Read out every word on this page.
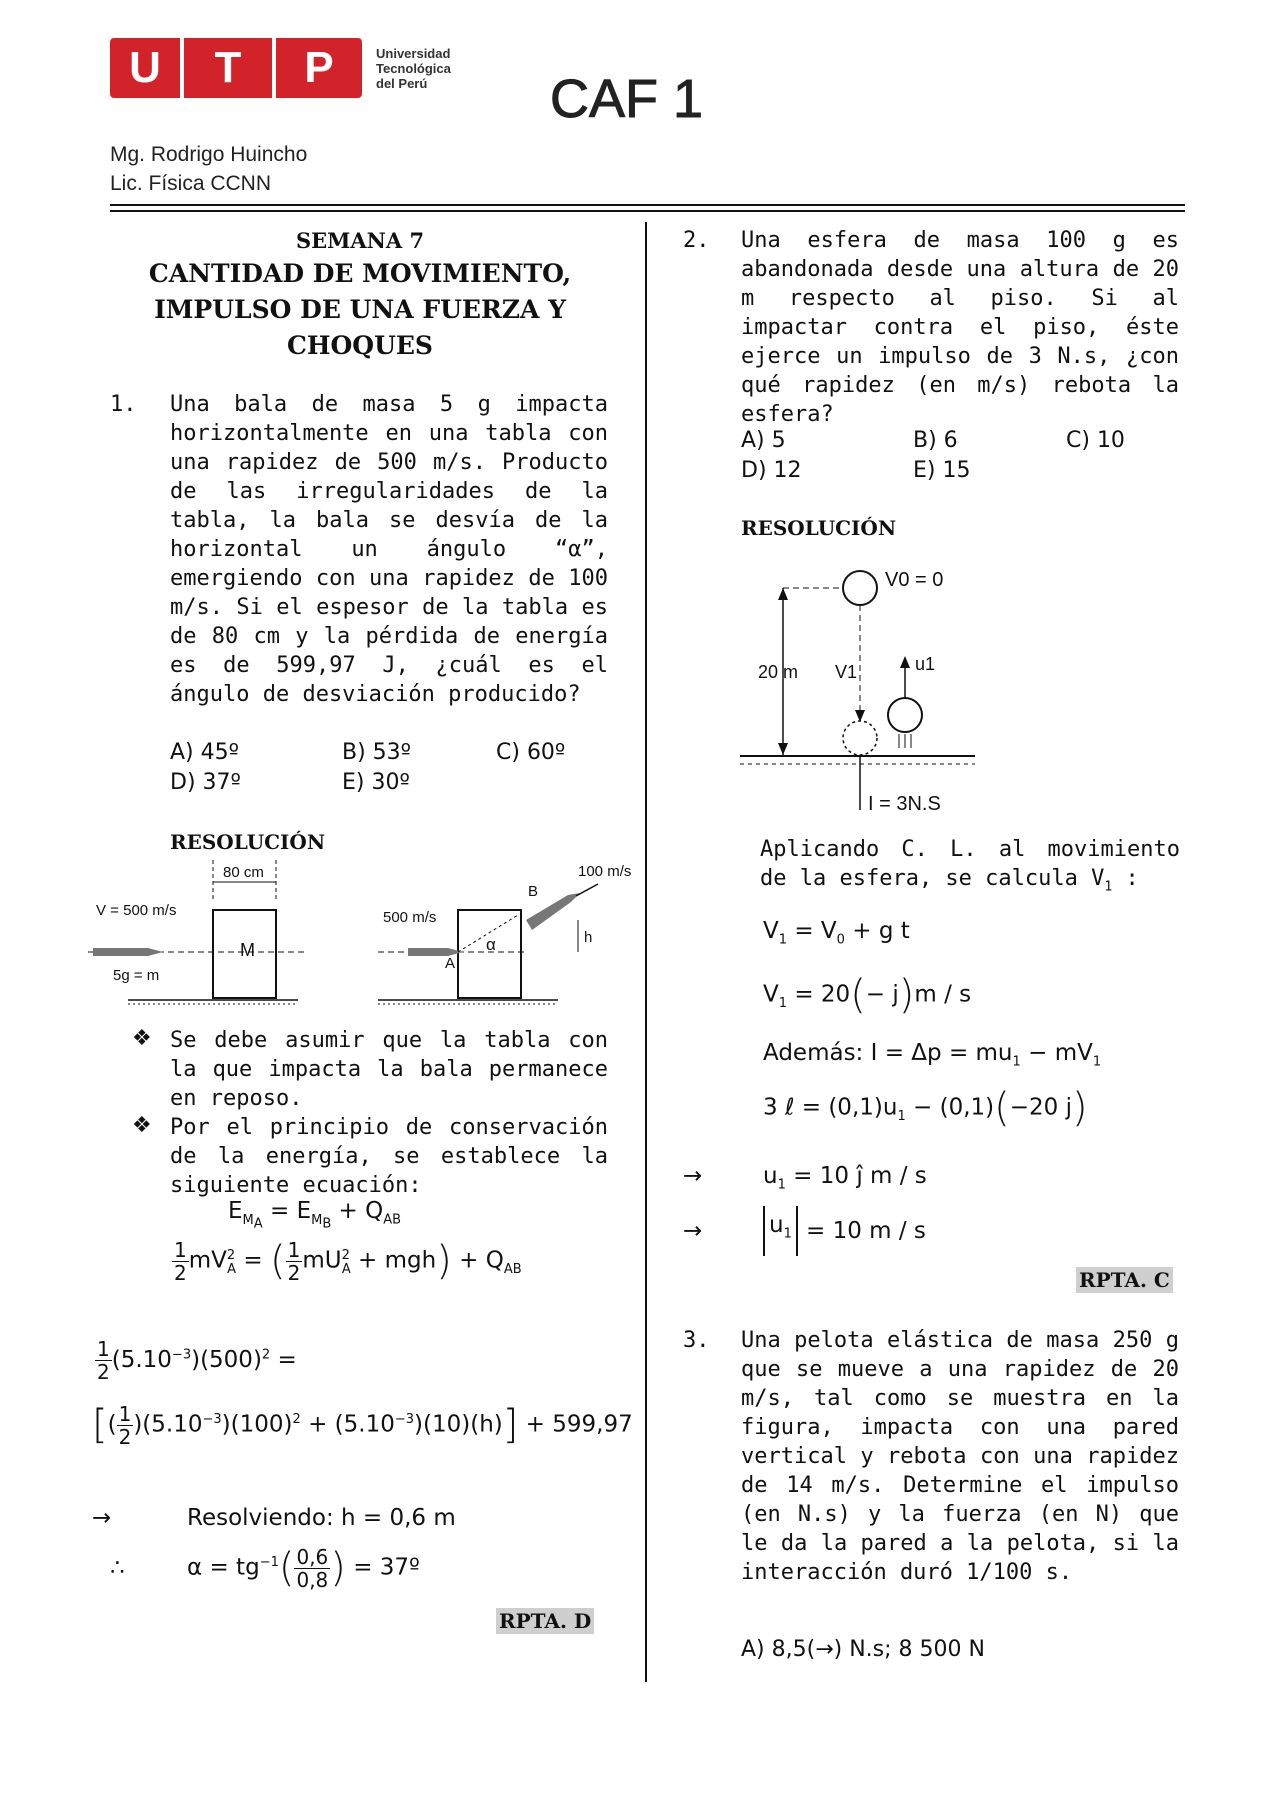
U	T	P	Universidad
Tecnológica
del Perú	CAF 1
Mg. Rodrigo Huincho
Lic. Física CCNN
SEMANA 7
CANTIDAD DE MOVIMIENTO,
IMPULSO DE UNA FUERZA Y
CHOQUES
1. Una bala de masa 5 g impacta horizontalmente en una tabla con una rapidez de 500 m/s. Producto de las irregularidades de la tabla, la bala se desvía de la horizontal un ángulo “α”, emergiendo con una rapidez de 100 m/s. Si el espesor de la tabla es de 80 cm y la pérdida de energía es de 599,97 J, ¿cuál es el ángulo de desviación producido?
A) 45º	B) 53º	C) 60º
D) 37º	E) 30º
RESOLUCIÓN
80 cm
M
V = 500 m/s
5g = m
500 m/s
A
B
α	h
100 m/s
❖ Se debe asumir que la tabla con la que impacta la bala permanece en reposo.
❖ Por el principio de conservación de la energía, se establece la siguiente ecuación:
$E_{M_A} = E_{M_B} + Q_{AB}$
$\frac{1}{2} mV^2_A$ = ( $\frac{1}{2} mU^2_A + mgh) + Q_{AB}$
$\frac{1}{2} (5.10^{-3})(500)^2$ =
[( $\frac{1}{2} )(5.10^{-3})(100)^2 + (5.10^{-3})(10)(h)] + 599,97$
→	Resolviendo: h = 0,6 m
∴	$\alpha = tg^{-1}( \frac{0,6}{0,8}$ ) = 37º
RPTA. D
2. Una esfera de masa 100 g es abandonada desde una altura de 20 m respecto al piso. Si al impactar contra el piso, éste ejerce un impulso de 3 N.s, ¿con qué rapidez (en m/s) rebota la esfera?
A) 5	B) 6	C) 10
D) 12	E) 15
RESOLUCIÓN
V0 = 0
20 m V1	u1
I = 3N.S
Aplicando C. L. al movimiento de la esfera, se calcula $V_1$ :
$V_1 = V_0 + g$ t
$V_1 = 20(- j)m / s$
Además: $I = \Delta p = mu_1 - mV_1$
3 ℓ = $(0,1)u_1 - (0,1)(-20$ j)
→	$u_1 = 10$ ĵ m / s
→	$u_1 = 10$ m / s
RPTA. C
3. Una pelota elástica de masa 250 g que se mueve a una rapidez de 20 m/s, tal como se muestra en la figura, impacta con una pared vertical y rebota con una rapidez de 14 m/s. Determine el impulso (en N.s) y la fuerza (en N) que le da la pared a la pelota, si la interacción duró 1/100 s.
A) 8,5(→) N.s; 8 500 N
